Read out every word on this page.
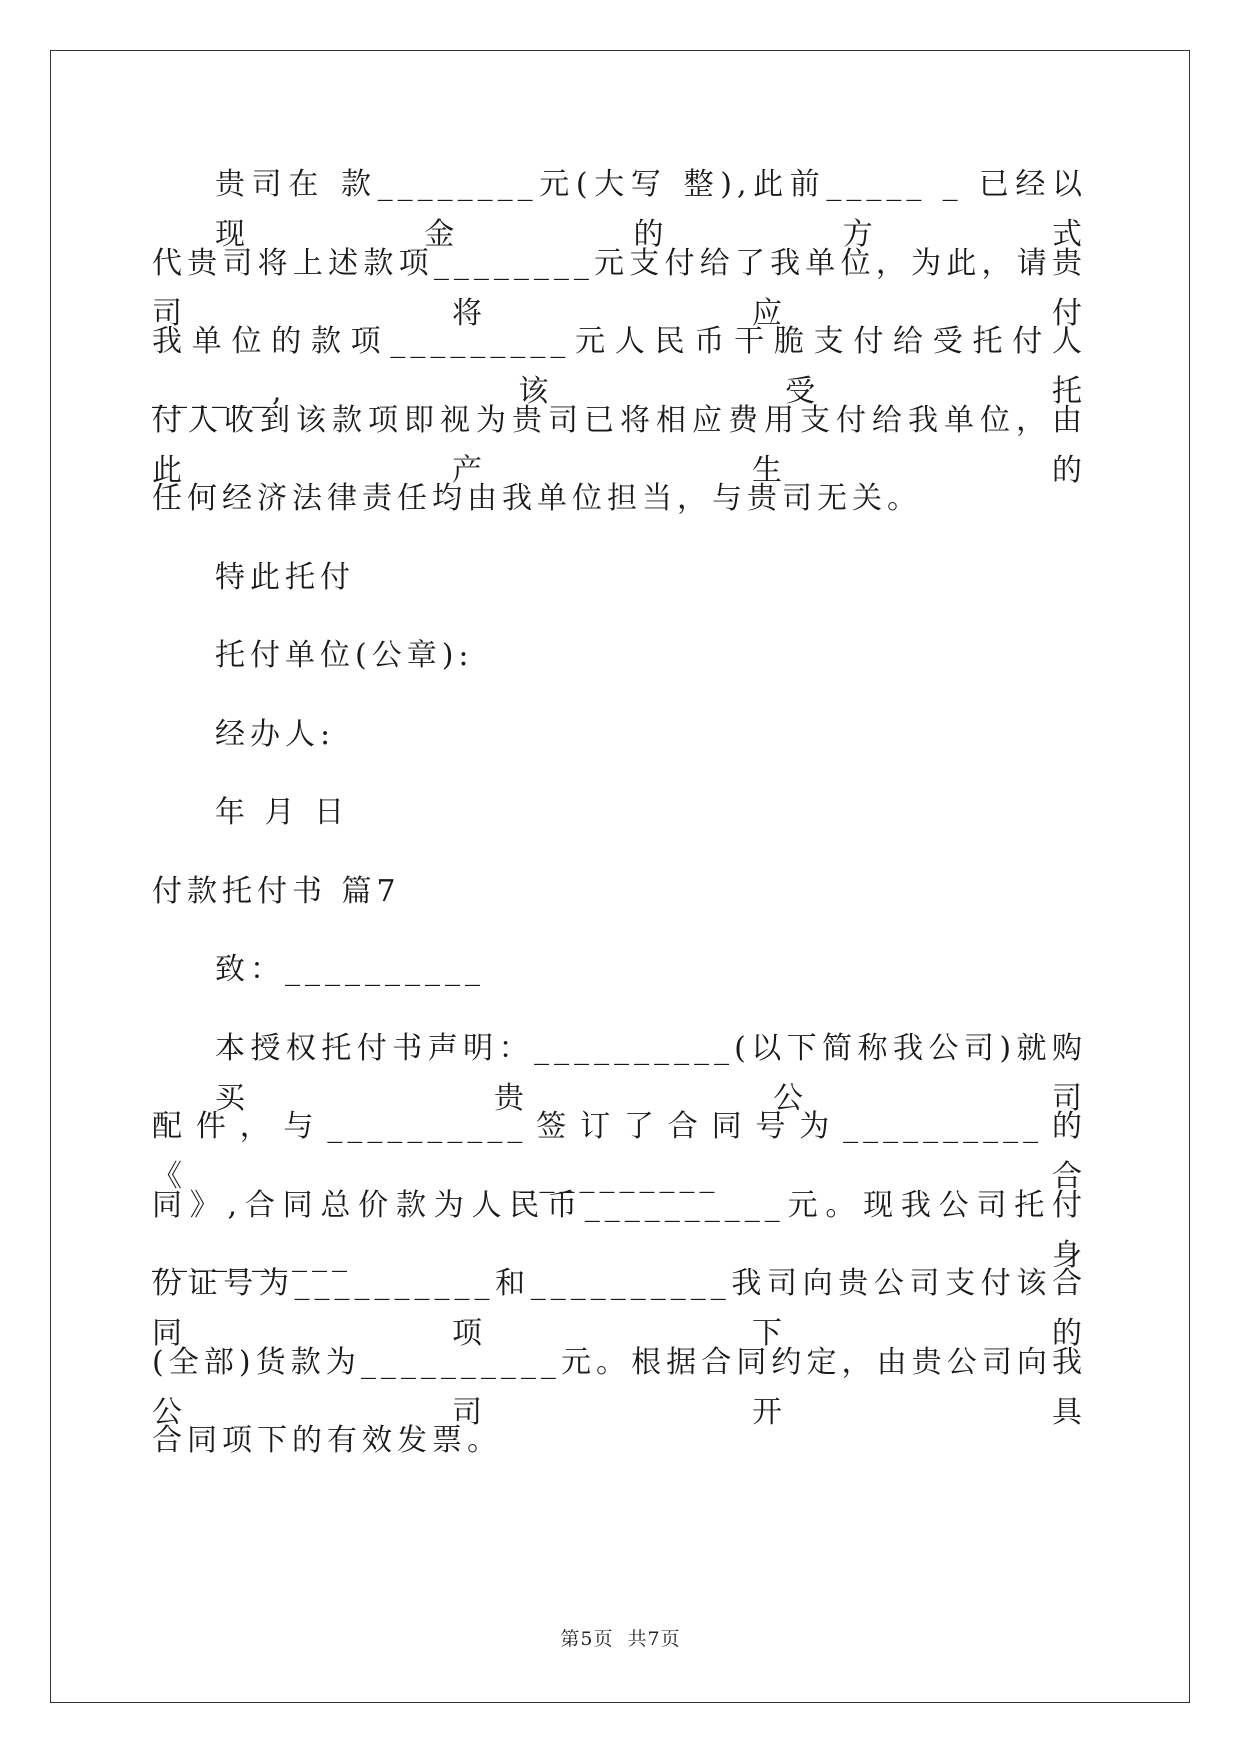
贵司在 款________元(大写 整),此前_____ _ 已经以现金的方式
代贵司将上述款项________元支付给了我单位，为此，请贵司将应付
我单位的款项_________元人民币干脆支付给受托付人______,该受托
付人收到该款项即视为贵司已将相应费用支付给我单位，由此产生的
任何经济法律责任均由我单位担当，与贵司无关。
特此托付
托付单位(公章):
经办人:
年 月 日
付款托付书 篇7
致：__________
本授权托付书声明：__________(以下简称我公司)就购买贵公司
配件，与__________签订了合同号为__________的《__________合
同》,合同总价款为人民币__________元。现我公司托付__________身
份证号为__________和__________我司向贵公司支付该合同项下的
(全部)货款为__________元。根据合同约定，由贵公司向我公司开具
合同项下的有效发票。
第5页  共7页
